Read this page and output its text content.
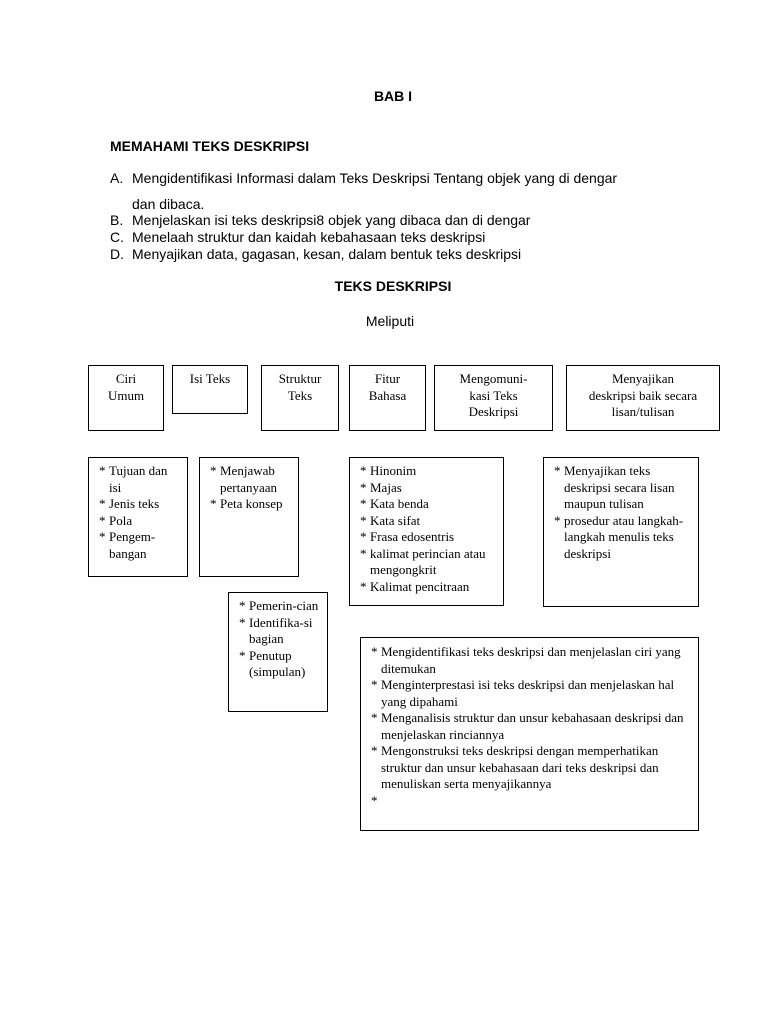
BAB I
MEMAHAMI TEKS DESKRIPSI
A. Mengidentifikasi Informasi dalam Teks Deskripsi Tentang objek yang di dengar
dan dibaca.
B. Menjelaskan isi teks deskripsi8 objek yang dibaca dan di dengar
C. Menelaah struktur dan kaidah kebahasaan teks deskripsi
D. Menyajikan data, gagasan, kesan, dalam bentuk teks deskripsi
TEKS DESKRIPSI
Meliputi
Ciri
Umum
Isi Teks	Struktur
Teks
Fitur
Bahasa
Mengomuni-
kasi Teks
Deskripsi
Menyajikan
deskripsi baik secara
lisan/tulisan
* Tujuan dan isi
* Jenis teks
* Pola
* Pengem-bangan
* Menjawab pertanyaan
* Peta konsep
* Hinonim
* Majas
* Kata benda
* Kata sifat
* Frasa edosentris
* kalimat perincian atau mengongkrit
* Kalimat pencitraan
* Menyajikan teks deskripsi secara lisan maupun tulisan
* prosedur atau langkah-langkah menulis teks deskripsi
* Pemerin-cian
* Identifika-si bagian
* Penutup (simpulan)
* Mengidentifikasi teks deskripsi dan menjelaslan ciri yang ditemukan
* Menginterprestasi isi teks deskripsi dan menjelaskan hal yang dipahami
* Menganalisis struktur dan unsur kebahasaan deskripsi dan menjelaskan rinciannya
* Mengonstruksi teks deskripsi dengan memperhatikan struktur dan unsur kebahasaan dari teks deskripsi dan menuliskan serta menyajikannya
